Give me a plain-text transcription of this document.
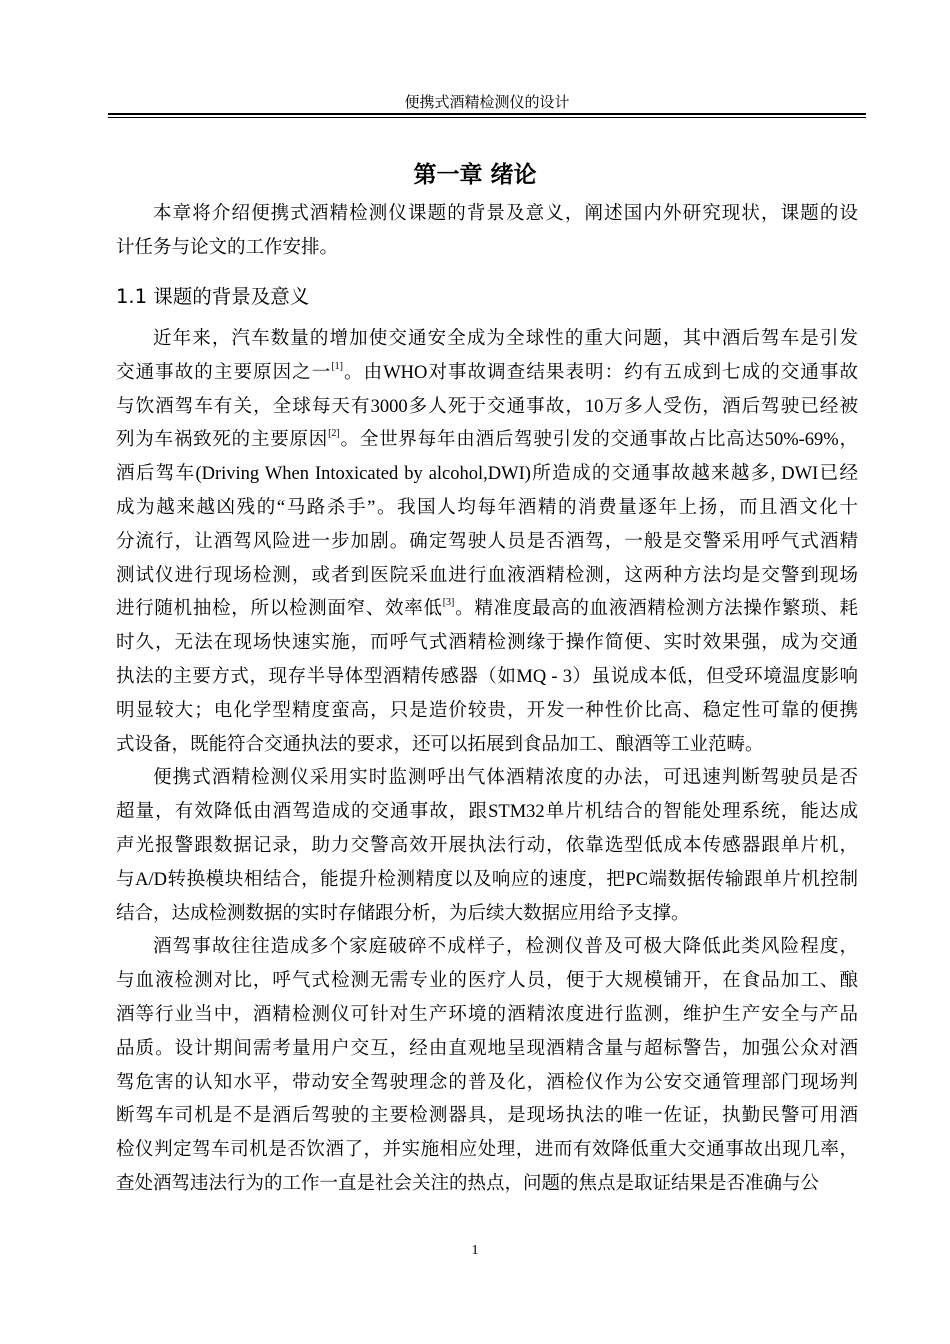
便携式酒精检测仪的设计
第一章 绪论
本章将介绍便携式酒精检测仪课题的背景及意义，阐述国内外研究现状，课题的设
计任务与论文的工作安排。
1.1 课题的背景及意义
近年来，汽车数量的增加使交通安全成为全球性的重大问题，其中酒后驾车是引发
交通事故的主要原因之一[1]。由WHO对事故调查结果表明：约有五成到七成的交通事故
与饮酒驾车有关，全球每天有3000多人死于交通事故，10万多人受伤，酒后驾驶已经被
列为车祸致死的主要原因[2]。全世界每年由酒后驾驶引发的交通事故占比高达50%-69%，
酒后驾车(Driving When Intoxicated by alcohol,DWI)所造成的交通事故越来越多, DWI已经
成为越来越凶残的“马路杀手”。我国人均每年酒精的消费量逐年上扬，而且酒文化十
分流行，让酒驾风险进一步加剧。确定驾驶人员是否酒驾，一般是交警采用呼气式酒精
测试仪进行现场检测，或者到医院采血进行血液酒精检测，这两种方法均是交警到现场
进行随机抽检，所以检测面窄、效率低[3]。精准度最高的血液酒精检测方法操作繁琐、耗
时久，无法在现场快速实施，而呼气式酒精检测缘于操作简便、实时效果强，成为交通
执法的主要方式，现存半导体型酒精传感器（如MQ - 3）虽说成本低，但受环境温度影响
明显较大；电化学型精度蛮高，只是造价较贵，开发一种性价比高、稳定性可靠的便携
式设备，既能符合交通执法的要求，还可以拓展到食品加工、酿酒等工业范畴。
便携式酒精检测仪采用实时监测呼出气体酒精浓度的办法，可迅速判断驾驶员是否
超量，有效降低由酒驾造成的交通事故，跟STM32单片机结合的智能处理系统，能达成
声光报警跟数据记录，助力交警高效开展执法行动，依靠选型低成本传感器跟单片机，
与A/D转换模块相结合，能提升检测精度以及响应的速度，把PC端数据传输跟单片机控制
结合，达成检测数据的实时存储跟分析，为后续大数据应用给予支撑。
酒驾事故往往造成多个家庭破碎不成样子，检测仪普及可极大降低此类风险程度，
与血液检测对比，呼气式检测无需专业的医疗人员，便于大规模铺开，在食品加工、酿
酒等行业当中，酒精检测仪可针对生产环境的酒精浓度进行监测，维护生产安全与产品
品质。设计期间需考量用户交互，经由直观地呈现酒精含量与超标警告，加强公众对酒
驾危害的认知水平，带动安全驾驶理念的普及化，酒检仪作为公安交通管理部门现场判
断驾车司机是不是酒后驾驶的主要检测器具，是现场执法的唯一佐证，执勤民警可用酒
检仪判定驾车司机是否饮酒了，并实施相应处理，进而有效降低重大交通事故出现几率，
查处酒驾违法行为的工作一直是社会关注的热点，问题的焦点是取证结果是否准确与公
1
